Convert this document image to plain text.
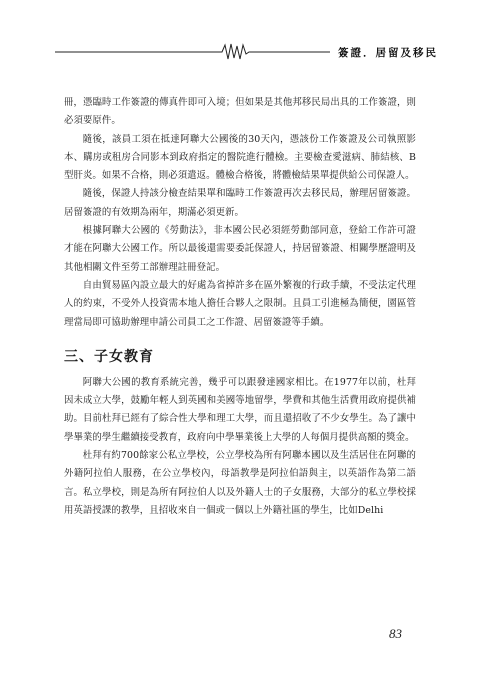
簽證．居留及移民

冊，憑臨時工作簽證的傳真件即可入境；但如果是其他邦移民局出具的工作簽證，則必須要原件。

隨後，該員工須在抵達阿聯大公國後的30天內，憑該份工作簽證及公司執照影本、購房或租房合同影本到政府指定的醫院進行體檢。主要檢查愛滋病、肺結核、B型肝炎。如果不合格，則必須遣返。體檢合格後，將體檢結果單提供給公司保證人。

隨後，保證人持該分檢查結果單和臨時工作簽證再次去移民局，辦理居留簽證。居留簽證的有效期為兩年，期滿必須更新。

根據阿聯大公國的《勞動法》，非本國公民必須經勞動部同意，登給工作許可證才能在阿聯大公國工作。所以最後還需要委託保證人，持居留簽證、相關學歷證明及其他相關文件至勞工部辦理註冊登記。

自由貿易區內設立最大的好處為省掉許多在區外繁複的行政手續，不受法定代理人的約束，不受外人投資需本地人擔任合夥人之限制。且員工引進極為簡便，園區管理當局即可協助辦理申請公司員工之工作證、居留簽證等手續。

三、子女教育

阿聯大公國的教育系統完善，幾乎可以跟發達國家相比。在1977年以前，杜拜因未成立大學，鼓勵年輕人到英國和美國等地留學，學費和其他生活費用政府提供補助。目前杜拜已經有了綜合性大學和理工大學，而且還招收了不少女學生。為了讓中學畢業的學生繼續接受教育，政府向中學畢業後上大學的人每個月提供高額的獎金。

杜拜有約700餘家公私立學校，公立學校為所有阿聯本國以及生活居住在阿聯的外籍阿拉伯人服務，在公立學校內，母語教學是阿拉伯語與主，以英語作為第二語言。私立學校，則是為所有阿拉伯人以及外籍人士的子女服務，大部分的私立學校採用英語授課的教學，且招收來自一個或一個以上外籍社區的學生，比如Delhi

83
